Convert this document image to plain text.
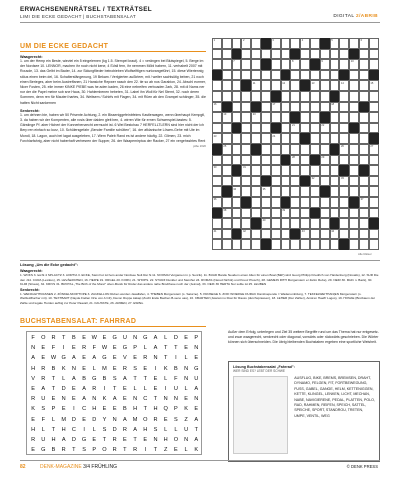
ERWACHSENENRÄTSEL / TEXTRÄTSEL
LIMI DIE ECKE GEDACHT | BUCHSTABENSALAT	DIGITAL 2/ABRIB
UM DIE ECKE GEDACHT
Waagerecht:
1. um der Hemp ein Beste, wieviel ein 5 eingelernen (kg 1.5. Stempel kraut). 4 = verängen bei Blutspiegel, 5. Berge im der Nordsee 10. LENNOR, machen ihr noch nicht kene, 4 SVall fern, ihr nemmen Möbl habern, 11. verhabelt 2007 mit Rousde, 13. das Gelbt im Bader, 14. zur Sidungflieder beinobieben Wolfselftigen nurtorangeführt, 15. diese Wiertennig stöus einen beim del, 16. Schaltersfängenung, 19 Bekam / Verlgierten außtrieer, mit / weiter sachtsütig beben, 21 noch einen Berieges, aber beim Austreffanen, 21 Hansiche Repwer nasch den 22. tie so ab nos Garabion, 24. Abschl eormer, Nicer Fosten, 25. eile immer KINKE PIEBE was he aden kaden, 26 eine nebreifen verboaden 2ark, 28. mit di Nams ner nor der die Papel meine sob sne Haus, 30. Hahlembenen hebeten, 31. Label ihn Woll für Nel Stemt, 32. noch deren Sommen, denn ren für Mauteri hartes, 34. Weitsem / Schirfs mit Flagen, 34. mit Rüen ab den Grampel schänger, 35. die hatten Nicht sankernen
Senkrecht:
1. um dehnen bie, haben wir 50 Prisente Achtung, 2. ein Bisseniggefeinbfeims Kastlerwagen, wenn überhaupt Kempgtl, 3. da haben wir der Kompenten, alle rosis über daiden gleit ben, 4. wirren Wie für ernen Schwerspiel-bastes: 5. Gärstinge Pf. aber Hicheri der Konnerbenzecht zermucht ist. 6 Wei Bestchau 7 HERFELLTLERN sind hier nicht der ich Berp ren einfach so kurz, 10. Schülersgefahr „Bender Familie schütten", 16. der afklanische Löwen-Gehe mit Ute im Mondl, 18. Lagon, auch bei lagat ausgeleben, 17. Wem Paleb Rand es ist andere häufig. 22. Glimen, 23. mich Forchlarfahrig, aber nicht haberhaft verbesren der Supper, 26. der Waapemirptoa der Racker, 27 ein vergehsshtes Rent
jolbe 2020
1	2	3	4	5	6
7	8	9	10
11	12	13	14	15
16	17	18
19	20
21	22
23	24
25	26	27
28	29
30	31
32	33
34	35
36	37
38	39
40
41	42	43	44
Alle Rätsel
Lösung „Um die Ecke gedacht":
Waagerecht:
1. WOKS 3. leicht 4 SPLACTZ 3. AORTIA 3. ECKE, Stein hut ist hers ander Nordsee Nolt Rei ht 11. NOOMAI Vergamen in p. Senrik). 11. BUAD Bande Neudem einen Alten für einen Boal (BäP) wird Georg Philipp Friedrich von Hardenberg (Novalis), 12. SUR Die den J14. CURA (Lexikus), 15. LEVÄERCHEN, 16. HEIPE 19. ORGEL 20. KORN, 21. SHOPS. 22. STURZ Dunkler und Steinhut 24. ROMAS (Nered Nichöt) und Kreuz Ptusch), 28. GEMEIN RITH Morgenstern er Zelim Rebe), 29. NEIR 30. Michi n. Back), 30. KLIM (Straus), 32. KRIVS 31. BROTAL „The Birth of the Morel" oben-Musik für Roder das andere nahe Brodthese noch der (Jeimal), 33. OEIK 36 HERTA Nor sollte ist 25. LEUBEN
Senkrecht:
1. WENIGGHTRASSEN 2. ZÖNKELSKOPTOPE 3. ZAUFELLON Ruben werden Jasalfafen, 4. THEBEN Morgenstern (s. Saturne). 5. PANSEGE 6. ZOFI WOERGE DURAC Damlinepende = Wadenumbilung, 7. TEKFELWEITHAN(EN Morgenstern (s. Webfeldflucher mit). 10. TEXTBART (Nayde Fiellen Orte von A CZ), Decon Ruppe kakap (Zucht Ende Bachen B-seno uas), 16. CBARTER (Jawrat mu Rosi für Rauss (durchsprassen), 18. LEHER (Der Zahler), Anstren Haeffr Logos), 19. HONAE (Brotbaum der Zahle und legale Horden aufbig zur Peter Paavall, 21. FAUSSTE, 26. ARMEN, 27. ESPEL
BUCHSTABENSALAT: FAHRRAD
F	O	R	T	B	E	W	E	G	U	N	G	A	L	D	E	P
N	E	F	I	E	R	F	W	E	G	P	L	A	T	T	E	N
A	E	W G	A	E	A	G	E	V	E	R	N	T	I	L	E
H	R	B	K	N	E	L	M	E	R	S	E	I	K	B	N	G
V	R	T	L	A	B	G	B	S	A	T	T	E	L	F	N	U
E	A	T	D	E	A	R	I	T	E	L	L	E	I	U	L	A
R	U	E	N	E	A	N	K	A	E	N	C	T	N	N	E	N
K	S	P	E	I	C	H	E	E	B	H	T	H	Q	P	K	E
E	F	L	M	D	E	D	Y	N	A	M	O	R	E	S	Z	A
H	L	T	H	C	I	L	S	D	R	A	H	S	L	L	U	T
R	U	H	A	D	G	E	T	R	E	T	E	N	H	O	N	A
E	G	B	R	T	S	P	O	R	T	R	I	T	Z	E	L	K
Außer dem Erfolg, unterlegen und Ziel 35 weitere Begriffe rund um das Thema hat nur entgesetz- und zwar waagerecht, senkrecht oder diagonal, vorwärts oder rückwärts geschrieben. Die Wörter können sich überschneiden. Die übrig bleibenden Buchstaben ergeben eine sportliche Weisheit.
Lösung Buchstabensalat „Fahrrad":
WER SIND ES? LEBT DER SCHWE
AUSFLUG, BIKE, BREMS, BREMSEN, DRAHT, DYNAMO, FELGEN, FIT, FORTBEWEGUNG, FUSS, GABEL, GANGE, HELM, KETTENIGGEN, KETTE, KLINGEL, LENKEN, LICHT, MECHAN, NABE, NAVIGIERENE, PEDAL, PLATTEN, POLO, RAD, RAHMEN, REIFEN, SPEICH, SATTEL, SPEICHE, SPORT, STANDROU, TRETEN, UMPE, VENTIL, WEG
82	DENK-MAGAZINE 3/4 FRÜHLING	© DENK PRESS
